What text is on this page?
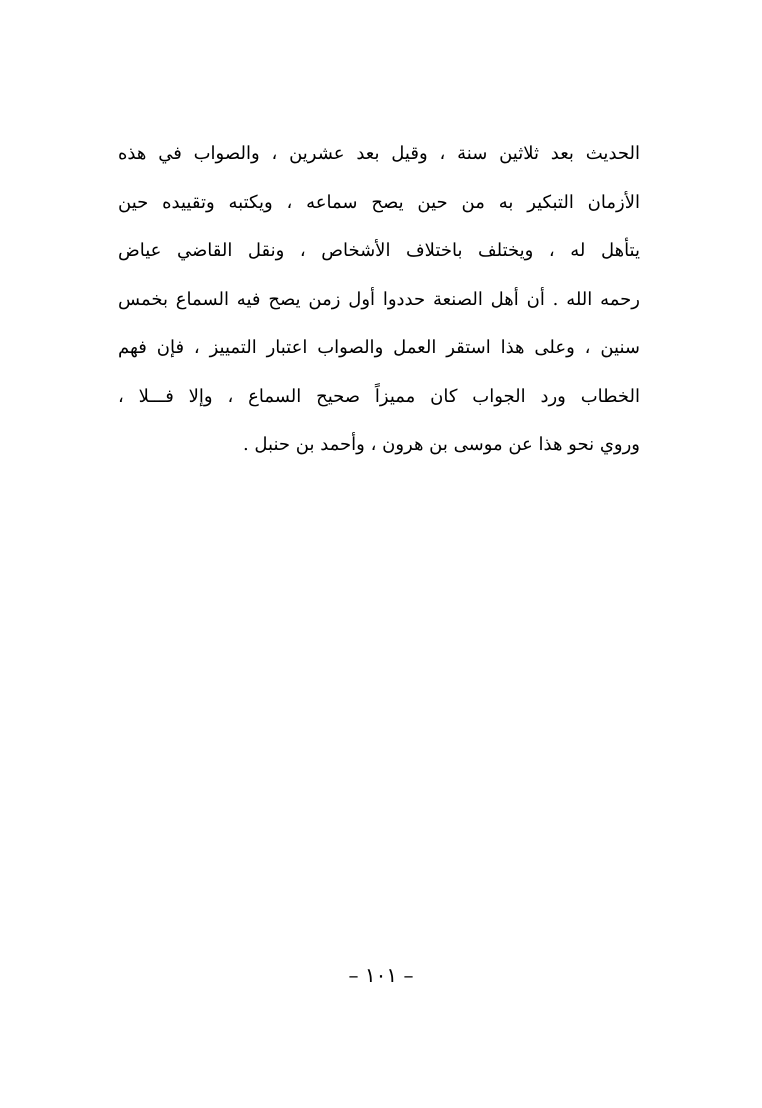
الحديث بعد ثلاثين سنة ، وقيل بعد عشرين ، والصواب في هذه
الأزمان التبكير به من حين يصح سماعه ، ويكتبه وتقييده حين
يتأهل له ، ويختلف باختلاف الأشخاص ، ونقل القاضي عياض
رحمه الله . أن أهل الصنعة حددوا أول زمن يصح فيه السماع بخمس
سنين ، وعلى هذا استقر العمل والصواب اعتبار التمييز ، فإن فهم
الخطاب ورد الجواب كان مميزاً صحيح السماع ، وإلا فـــلا ،
وروي نحو هذا عن موسى بن هرون ، وأحمد بن حنبل .
– ١٠١ –
